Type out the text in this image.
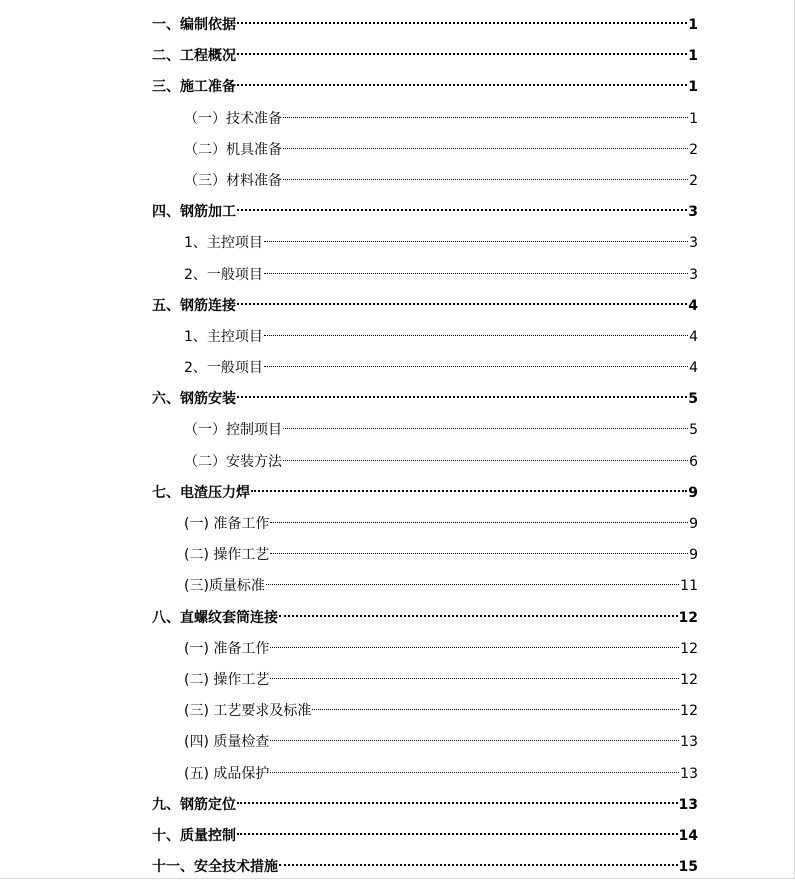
一、编制依据	1
二、工程概况	1
三、施工准备	1
（一）技术准备	1
（二）机具准备	2
（三）材料准备	2
四、钢筋加工	3
1、主控项目	3
2、一般项目	3
五、钢筋连接	4
1、主控项目	4
2、一般项目	4
六、钢筋安装	5
（一）控制项目	5
（二）安装方法	6
七、电渣压力焊	9
(一) 准备工作	9
(二) 操作工艺	9
(三)质量标准	11
八、直螺纹套筒连接	12
(一) 准备工作	12
(二) 操作工艺	12
(三) 工艺要求及标准	12
(四) 质量检查	13
(五) 成品保护	13
九、钢筋定位	13
十、质量控制	14
十一、安全技术措施	15
